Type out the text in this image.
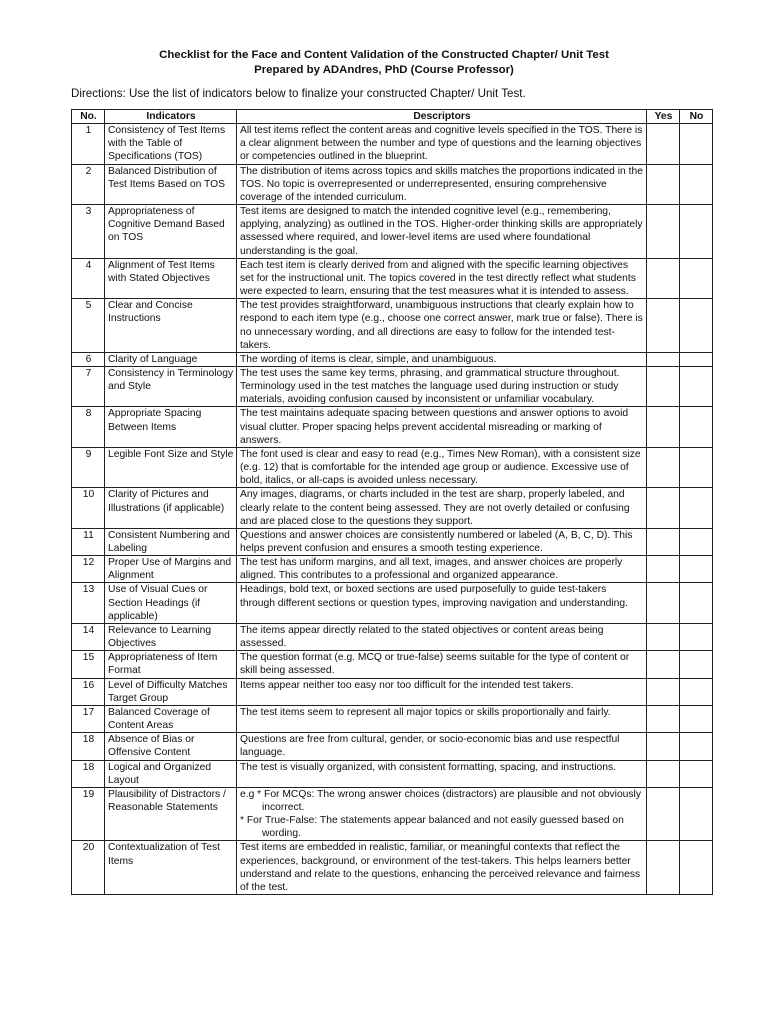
Checklist for the Face and Content Validation of the Constructed Chapter/ Unit Test
Prepared by ADAndres, PhD (Course Professor)
Directions: Use the list of indicators below to finalize your constructed Chapter/ Unit Test.
No.	Indicators	Descriptors	Yes	No
1	Consistency of Test Items with the Table of Specifications (TOS)	All test items reflect the content areas and cognitive levels specified in the TOS. There is a clear alignment between the number and type of questions and the learning objectives or competencies outlined in the blueprint.		
2	Balanced Distribution of Test Items Based on TOS	The distribution of items across topics and skills matches the proportions indicated in the TOS. No topic is overrepresented or underrepresented, ensuring comprehensive coverage of the intended curriculum.		
3	Appropriateness of Cognitive Demand Based on TOS	Test items are designed to match the intended cognitive level (e.g., remembering, applying, analyzing) as outlined in the TOS. Higher-order thinking skills are appropriately assessed where required, and lower-level items are used where foundational understanding is the goal.		
4	Alignment of Test Items with Stated Objectives	Each test item is clearly derived from and aligned with the specific learning objectives set for the instructional unit. The topics covered in the test directly reflect what students were expected to learn, ensuring that the test measures what it is intended to assess.		
5	Clear and Concise Instructions	The test provides straightforward, unambiguous instructions that clearly explain how to respond to each item type (e.g., choose one correct answer, mark true or false). There is no unnecessary wording, and all directions are easy to follow for the intended test-takers.		
6	Clarity of Language	The wording of items is clear, simple, and unambiguous.		
7	Consistency in Terminology and Style	The test uses the same key terms, phrasing, and grammatical structure throughout. Terminology used in the test matches the language used during instruction or study materials, avoiding confusion caused by inconsistent or unfamiliar vocabulary.		
8	Appropriate Spacing Between Items	The test maintains adequate spacing between questions and answer options to avoid visual clutter. Proper spacing helps prevent accidental misreading or marking of answers.		
9	Legible Font Size and Style	The font used is clear and easy to read (e.g., Times New Roman), with a consistent size (e.g. 12) that is comfortable for the intended age group or audience. Excessive use of bold, italics, or all-caps is avoided unless necessary.		
10	Clarity of Pictures and Illustrations (if applicable)	Any images, diagrams, or charts included in the test are sharp, properly labeled, and clearly relate to the content being assessed. They are not overly detailed or confusing and are placed close to the questions they support.		
11	Consistent Numbering and Labeling	Questions and answer choices are consistently numbered or labeled (A, B, C, D). This helps prevent confusion and ensures a smooth testing experience.		
12	Proper Use of Margins and Alignment	The test has uniform margins, and all text, images, and answer choices are properly aligned. This contributes to a professional and organized appearance.		
13	Use of Visual Cues or Section Headings (if applicable)	Headings, bold text, or boxed sections are used purposefully to guide test-takers through different sections or question types, improving navigation and understanding.		
14	Relevance to Learning Objectives	The items appear directly related to the stated objectives or content areas being assessed.		
15	Appropriateness of Item Format	The question format (e.g. MCQ or true-false) seems suitable for the type of content or skill being assessed.		
16	Level of Difficulty Matches Target Group	Items appear neither too easy nor too difficult for the intended test takers.		
17	Balanced Coverage of Content Areas	The test items seem to represent all major topics or skills proportionally and fairly.		
18	Absence of Bias or Offensive Content	Questions are free from cultural, gender, or socio-economic bias and use respectful language.		
18	Logical and Organized Layout	The test is visually organized, with consistent formatting, spacing, and instructions.		
19	Plausibility of Distractors / Reasonable Statements	e.g * For MCQs: The wrong answer choices (distractors) are plausible and not obviously incorrect.
* For True-False: The statements appear balanced and not easily guessed based on wording.		

20	Contextualization of Test Items	Test items are embedded in realistic, familiar, or meaningful contexts that reflect the experiences, background, or environment of the test-takers. This helps learners better understand and relate to the questions, enhancing the perceived relevance and fairness of the test.		
